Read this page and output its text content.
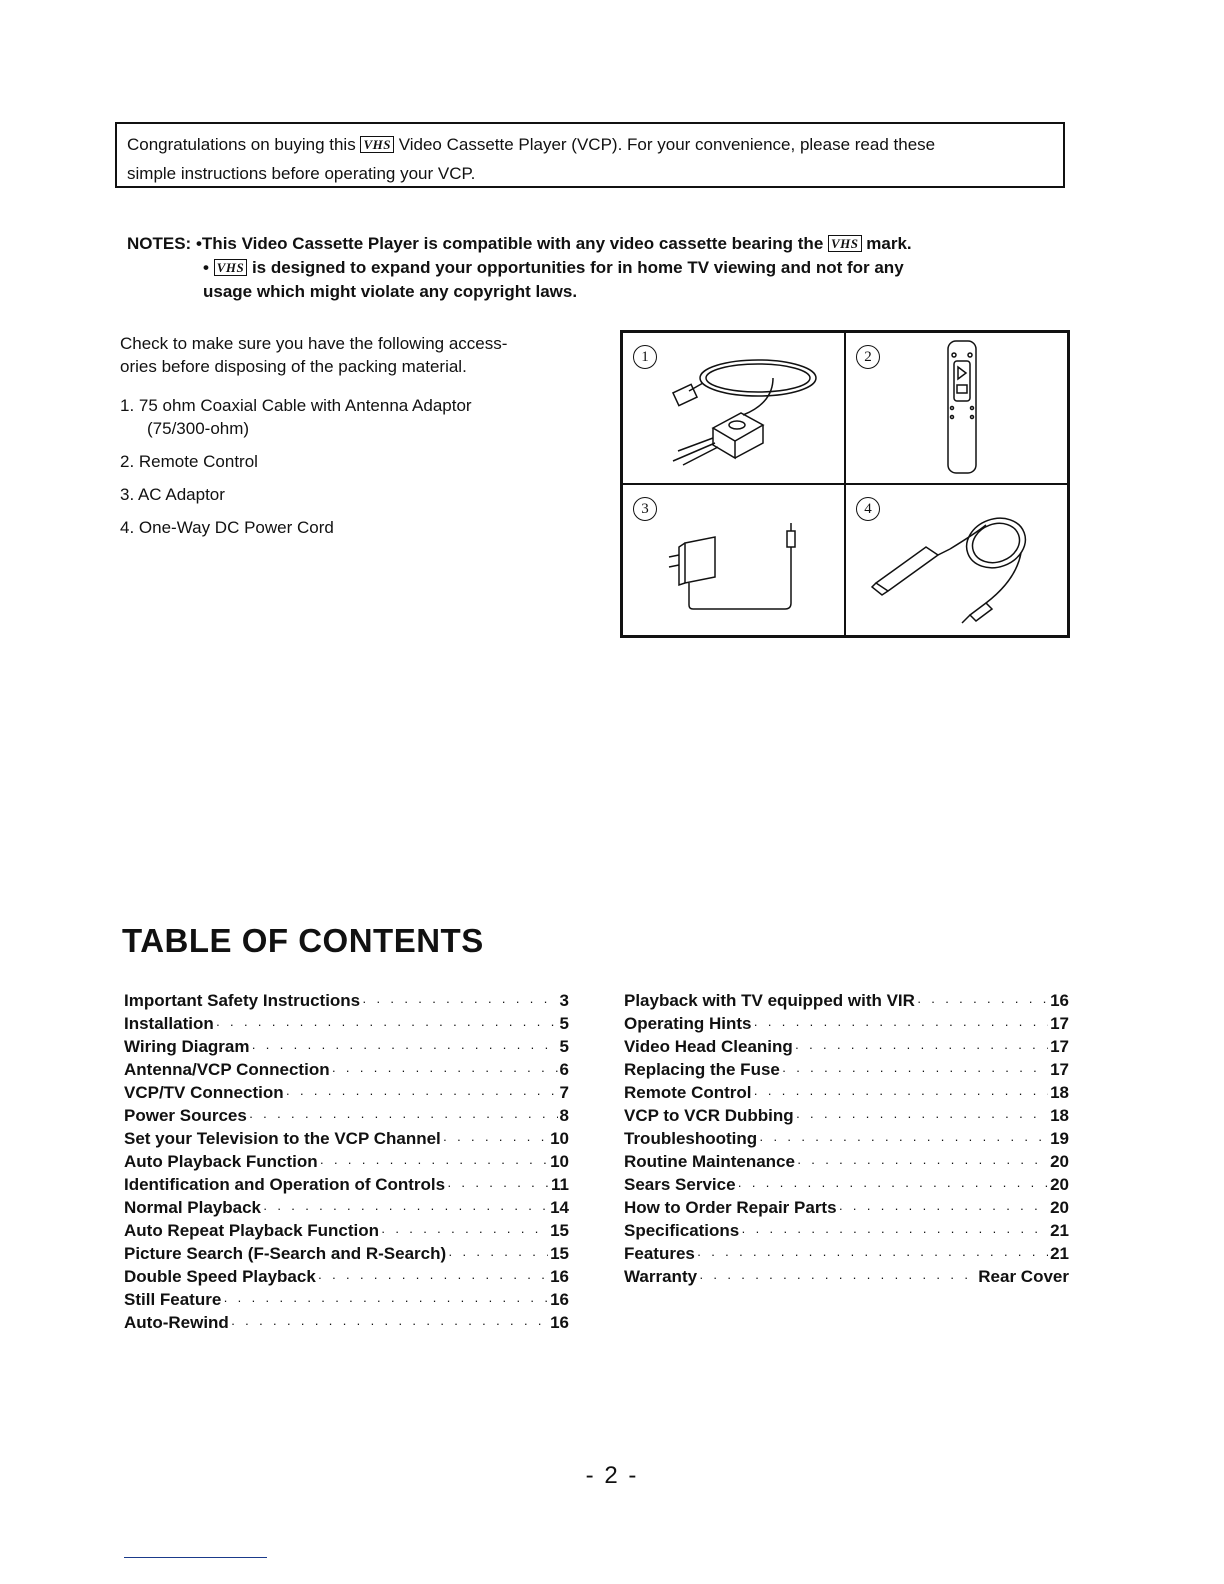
Congratulations on buying this VHS Video Cassette Player (VCP). For your convenience, please read these
simple instructions before operating your VCP.
NOTES: •This Video Cassette Player is compatible with any video cassette bearing the VHS mark.
• VHS is designed to expand your opportunities for in home TV viewing and not for any
usage which might violate any copyright laws.
Check to make sure you have the following access-
ories before disposing of the packing material.
1. 75 ohm Coaxial Cable with Antenna Adaptor
(75/300-ohm)
2. Remote Control
3. AC Adaptor
4. One-Way DC Power Cord
1	2
3	4
TABLE OF CONTENTS
Important Safety Instructions · · ·	3
Installation · · ·	5
Wiring Diagram · · ·	5
Antenna/VCP Connection · · ·	6
VCP/TV Connection · · ·	7
Power Sources · · ·	8
Set your Television to the VCP Channel · · ·	10
Auto Playback Function · · ·	10
Identification and Operation of Controls · · ·	11
Normal Playback · · ·	14
Auto Repeat Playback Function · · ·	15
Picture Search (F-Search and R-Search) · · ·	15
Double Speed Playback · · ·	16
Still Feature · · ·	16
Auto-Rewind · · ·	16
Playback with TV equipped with VIR · · ·	16
Operating Hints · · ·	17
Video Head Cleaning · · ·	17
Replacing the Fuse · · ·	17
Remote Control · · ·	18
VCP to VCR Dubbing · · ·	18
Troubleshooting · · ·	19
Routine Maintenance · · ·	20
Sears Service · · ·	20
How to Order Repair Parts · · ·	20
Specifications · · ·	21
Features · · ·	21
Warranty · · ·	Rear Cover
- 2 -
